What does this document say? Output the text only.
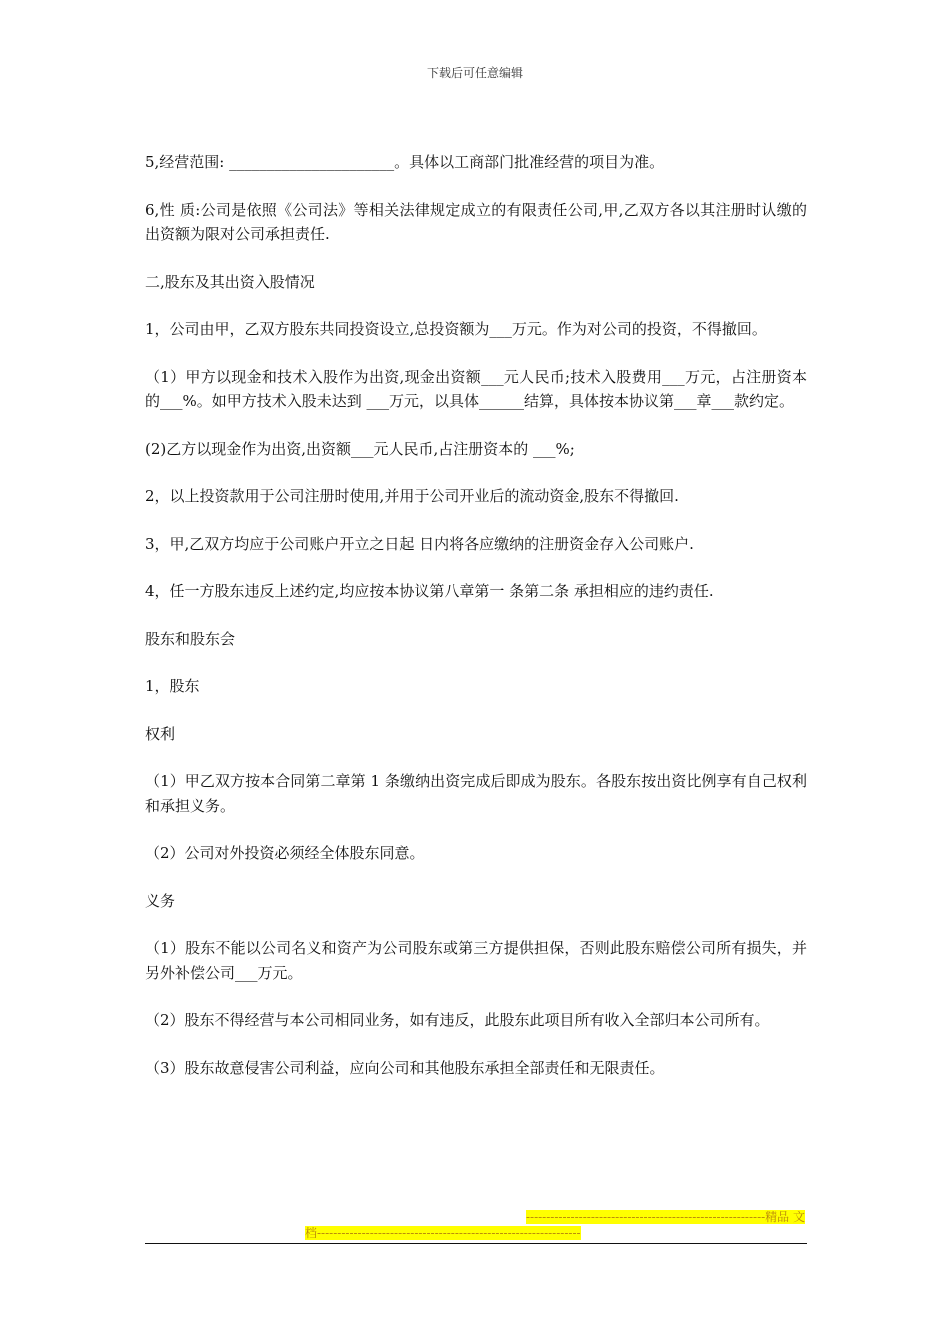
下载后可任意编辑

5,经营范围: ______________________。具体以工商部门批准经营的项目为准。

6,性 质:公司是依照《公司法》等相关法律规定成立的有限责任公司,甲,乙双方各以其注册时认缴的出资额为限对公司承担责任.

二,股东及其出资入股情况

1，公司由甲，乙双方股东共同投资设立,总投资额为___万元。作为对公司的投资，不得撤回。

（1）甲方以现金和技术入股作为出资,现金出资额___元人民币;技术入股费用___万元，占注册资本的___%。如甲方技术入股未达到 ___万元，以具体______结算，具体按本协议第___章___款约定。

(2)乙方以现金作为出资,出资额___元人民币,占注册资本的 ___%;

2，以上投资款用于公司注册时使用,并用于公司开业后的流动资金,股东不得撤回.

3，甲,乙双方均应于公司账户开立之日起 日内将各应缴纳的注册资金存入公司账户.

4，任一方股东违反上述约定,均应按本协议第八章第一 条第二条 承担相应的违约责任.

股东和股东会

1，股东

权利

（1）甲乙双方按本合同第二章第 1 条缴纳出资完成后即成为股东。各股东按出资比例享有自己权利和承担义务。

（2）公司对外投资必须经全体股东同意。

义务

（1）股东不能以公司名义和资产为公司股东或第三方提供担保，否则此股东赔偿公司所有损失，并另外补偿公司___万元。

（2）股东不得经营与本公司相同业务，如有违反，此股东此项目所有收入全部归本公司所有。

（3）股东故意侵害公司利益，应向公司和其他股东承担全部责任和无限责任。

-----------------------------------------------------------精品 文
档-----------------------------------------------------------------
